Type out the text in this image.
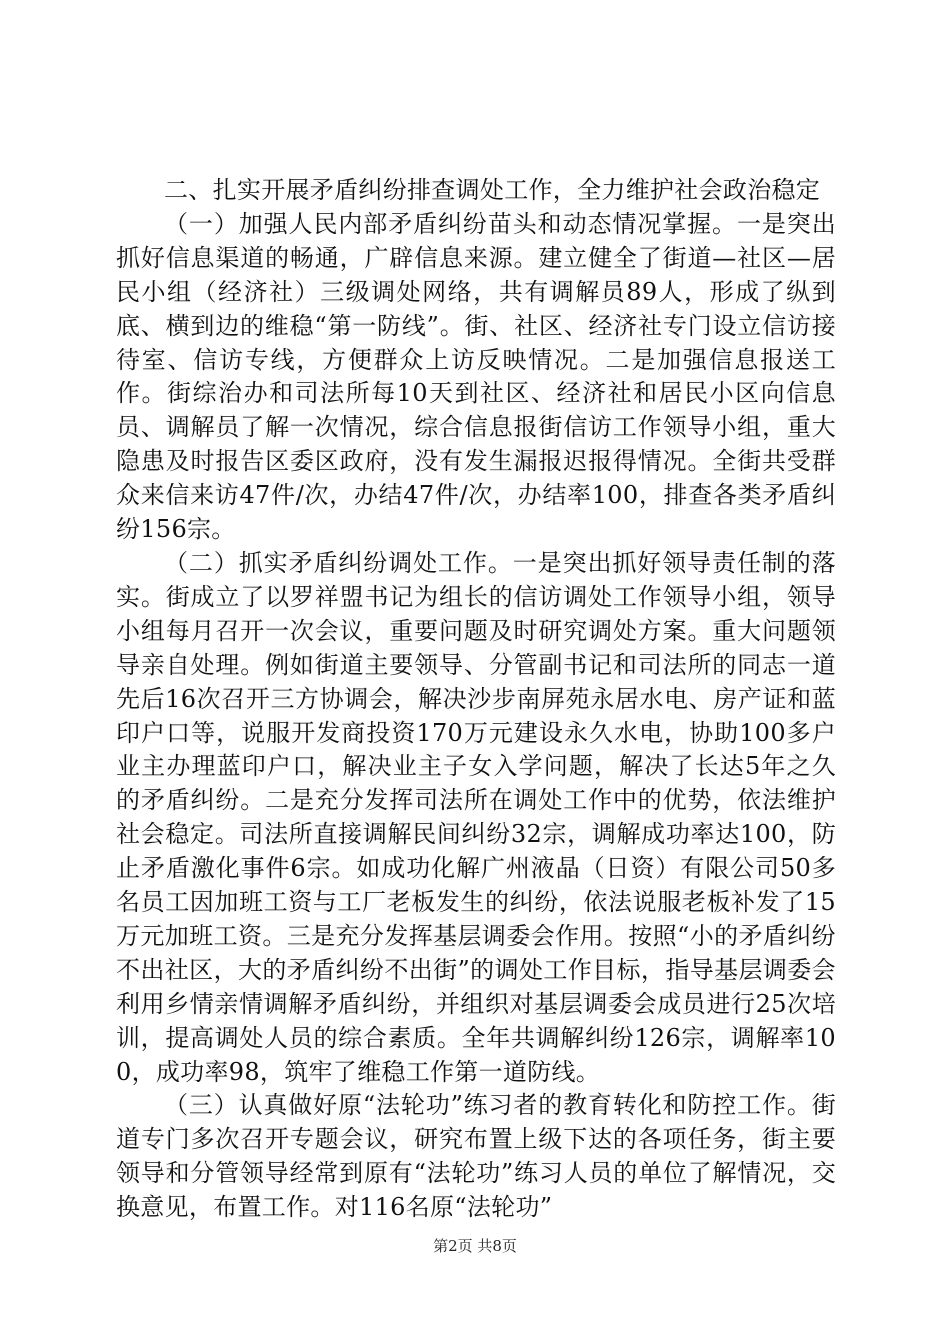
二、扎实开展矛盾纠纷排查调处工作，全力维护社会政治稳定

（一）加强人民内部矛盾纠纷苗头和动态情况掌握。一是突出抓好信息渠道的畅通，广辟信息来源。建立健全了街道—社区—居民小组（经济社）三级调处网络，共有调解员89人，形成了纵到底、横到边的维稳“第一防线”。街、社区、经济社专门设立信访接待室、信访专线，方便群众上访反映情况。二是加强信息报送工作。街综治办和司法所每10天到社区、经济社和居民小区向信息员、调解员了解一次情况，综合信息报街信访工作领导小组，重大隐患及时报告区委区政府，没有发生漏报迟报得情况。全街共受群众来信来访47件/次，办结47件/次，办结率100，排查各类矛盾纠纷156宗。

（二）抓实矛盾纠纷调处工作。一是突出抓好领导责任制的落实。街成立了以罗祥盟书记为组长的信访调处工作领导小组，领导小组每月召开一次会议，重要问题及时研究调处方案。重大问题领导亲自处理。例如街道主要领导、分管副书记和司法所的同志一道先后16次召开三方协调会，解决沙步南屏苑永居水电、房产证和蓝印户口等，说服开发商投资170万元建设永久水电，协助100多户业主办理蓝印户口，解决业主子女入学问题，解决了长达5年之久的矛盾纠纷。二是充分发挥司法所在调处工作中的优势，依法维护社会稳定。司法所直接调解民间纠纷32宗，调解成功率达100，防止矛盾激化事件6宗。如成功化解广州液晶（日资）有限公司50多名员工因加班工资与工厂老板发生的纠纷，依法说服老板补发了15万元加班工资。三是充分发挥基层调委会作用。按照“小的矛盾纠纷不出社区，大的矛盾纠纷不出街”的调处工作目标，指导基层调委会利用乡情亲情调解矛盾纠纷，并组织对基层调委会成员进行25次培训，提高调处人员的综合素质。全年共调解纠纷126宗，调解率100，成功率98，筑牢了维稳工作第一道防线。

（三）认真做好原“法轮功”练习者的教育转化和防控工作。街道专门多次召开专题会议，研究布置上级下达的各项任务，街主要领导和分管领导经常到原有“法轮功”练习人员的单位了解情况，交换意见，布置工作。对116名原“法轮功”

第2页 共8页
